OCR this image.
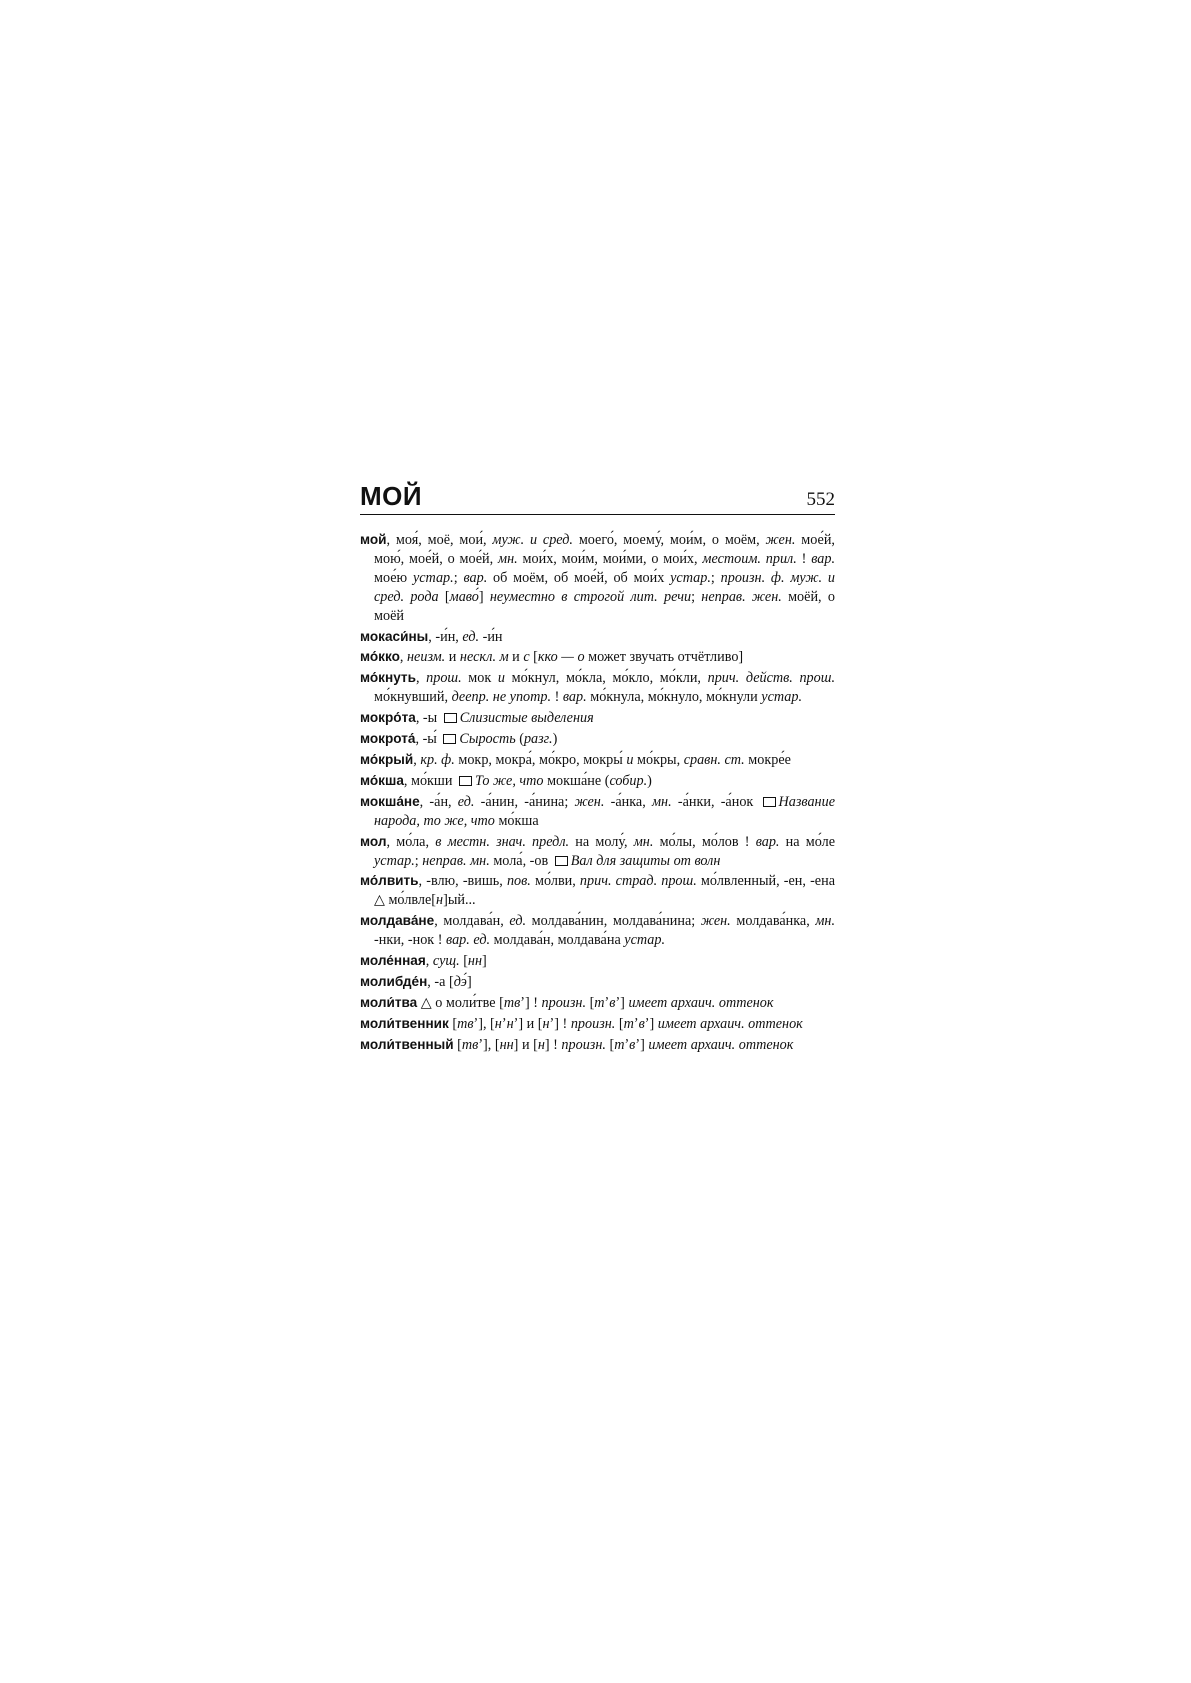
МОЙ	552

мой, моя́, моё, мои́, муж. и сред. моего́, моему́, мои́м, о моём, жен. мое́й, мою́, мое́й, о мое́й, мн. мои́х, мои́м, мои́ми, о мои́х, местоим. прил. ! вар. мое́ю устар.; вар. об моём, об мое́й, об мои́х устар.; произн. ф. муж. и сред. рода [маво́] неуместно в строгой лит. речи; неправ. жен. моёй, о моёй

мокаси́ны, -и́н, ед. -и́н

мо́кко, неизм. и нескл. м и с [кко — о может звучать отчётливо]

мо́кнуть, прош. мок и мо́кнул, мо́кла, мо́кло, мо́кли, прич. действ. прош. мо́кнувший, деепр. не употр. ! вар. мо́кнула, мо́кнуло, мо́кнули устар.

мокро́та, -ы Слизистые выделения

мокрота́, -ы́ Сырость (разг.)

мо́крый, кр. ф. мокр, мокра́, мо́кро, мокры́ и мо́кры, сравн. ст. мокре́е

мо́кша, мо́кши То же, что мокша́не (собир.)

мокша́не, -а́н, ед. -а́нин, -а́нина; жен. -а́нка, мн. -а́нки, -а́нок Название народа, то же, что мо́кша

мол, мо́ла, в местн. знач. предл. на молу́, мн. мо́лы, мо́лов ! вар. на мо́ле устар.; неправ. мн. мола́, -ов Вал для защиты от волн

мо́лвить, -влю, -вишь, пов. мо́лви, прич. страд. прош. мо́лвленный, -ен, -ена △ мо́лвле[н]ый...

молдава́не, молдава́н, ед. молдава́нин, молдава́нина; жен. молдава́нка, мн. -нки, -нок ! вар. ед. молдава́н, молдава́на устар.

моле́нная, сущ. [нн]

молибде́н, -а [дэ́]

моли́тва △ о моли́тве [твʼ] ! произн. [тʼвʼ] имеет архаич. оттенок

моли́твенник [твʼ], [нʼнʼ] и [нʼ] ! произн. [тʼвʼ] имеет архаич. оттенок

моли́твенный [твʼ], [нн] и [н] ! произн. [тʼвʼ] имеет архаич. оттенок
